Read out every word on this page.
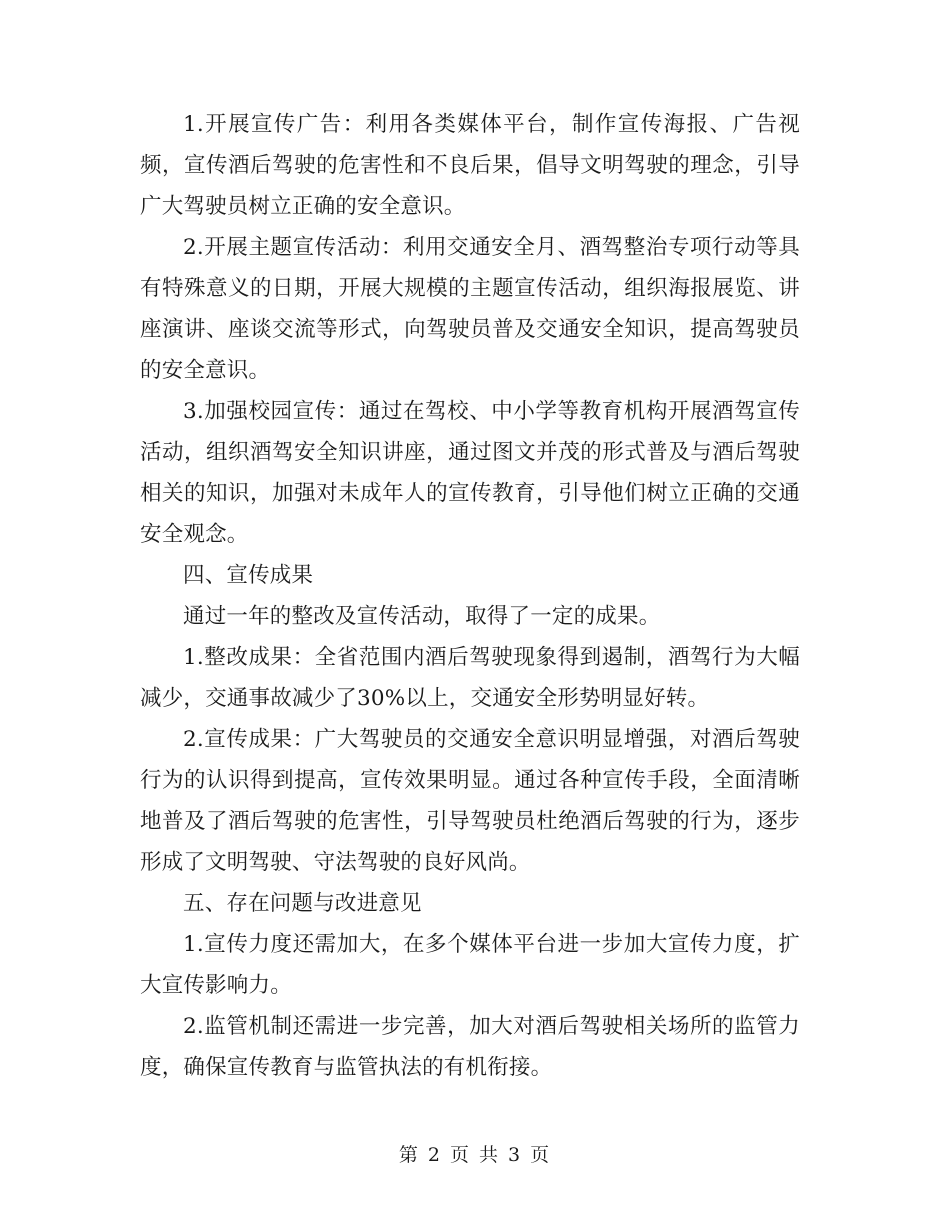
1.开展宣传广告：利用各类媒体平台，制作宣传海报、广告视频，宣传酒后驾驶的危害性和不良后果，倡导文明驾驶的理念，引导广大驾驶员树立正确的安全意识。

2.开展主题宣传活动：利用交通安全月、酒驾整治专项行动等具有特殊意义的日期，开展大规模的主题宣传活动，组织海报展览、讲座演讲、座谈交流等形式，向驾驶员普及交通安全知识，提高驾驶员的安全意识。

3.加强校园宣传：通过在驾校、中小学等教育机构开展酒驾宣传活动，组织酒驾安全知识讲座，通过图文并茂的形式普及与酒后驾驶相关的知识，加强对未成年人的宣传教育，引导他们树立正确的交通安全观念。

四、宣传成果

通过一年的整改及宣传活动，取得了一定的成果。

1.整改成果：全省范围内酒后驾驶现象得到遏制，酒驾行为大幅减少，交通事故减少了30%以上，交通安全形势明显好转。

2.宣传成果：广大驾驶员的交通安全意识明显增强，对酒后驾驶行为的认识得到提高，宣传效果明显。通过各种宣传手段，全面清晰地普及了酒后驾驶的危害性，引导驾驶员杜绝酒后驾驶的行为，逐步形成了文明驾驶、守法驾驶的良好风尚。

五、存在问题与改进意见

1.宣传力度还需加大，在多个媒体平台进一步加大宣传力度，扩大宣传影响力。

2.监管机制还需进一步完善，加大对酒后驾驶相关场所的监管力度，确保宣传教育与监管执法的有机衔接。

第 2 页 共 3 页
